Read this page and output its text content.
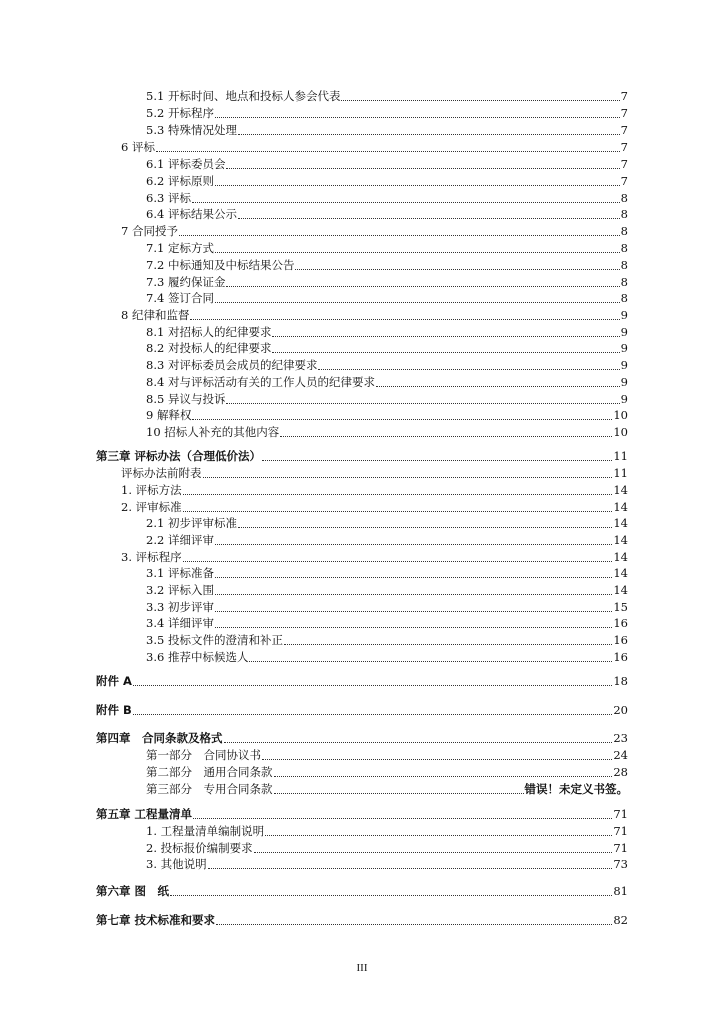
5.1 开标时间、地点和投标人参会代表	7
5.2 开标程序	7
5.3 特殊情况处理	7
6 评标	7
6.1 评标委员会	7
6.2 评标原则	7
6.3 评标	8
6.4 评标结果公示	8
7 合同授予	8
7.1 定标方式	8
7.2 中标通知及中标结果公告	8
7.3 履约保证金	8
7.4 签订合同	8
8 纪律和监督	9
8.1 对招标人的纪律要求	9
8.2 对投标人的纪律要求	9
8.3 对评标委员会成员的纪律要求	9
8.4 对与评标活动有关的工作人员的纪律要求	9
8.5 异议与投诉	9
9 解释权	10
10 招标人补充的其他内容	10
第三章 评标办法（合理低价法）	11
评标办法前附表	11
1. 评标方法	14
2. 评审标准	14
2.1 初步评审标准	14
2.2 详细评审	14
3. 评标程序	14
3.1 评标准备	14
3.2 评标入围	14
3.3 初步评审	15
3.4 详细评审	16
3.5 投标文件的澄清和补正	16
3.6 推荐中标候选人	16
附件 A	18
附件 B	20
第四章　合同条款及格式	23
第一部分　合同协议书	24
第二部分　通用合同条款	28
第三部分　专用合同条款	错误！未定义书签。
第五章 工程量清单	71
1. 工程量清单编制说明	71
2. 投标报价编制要求	71
3. 其他说明	73
第六章 图　纸	81
第七章 技术标准和要求	82
III
